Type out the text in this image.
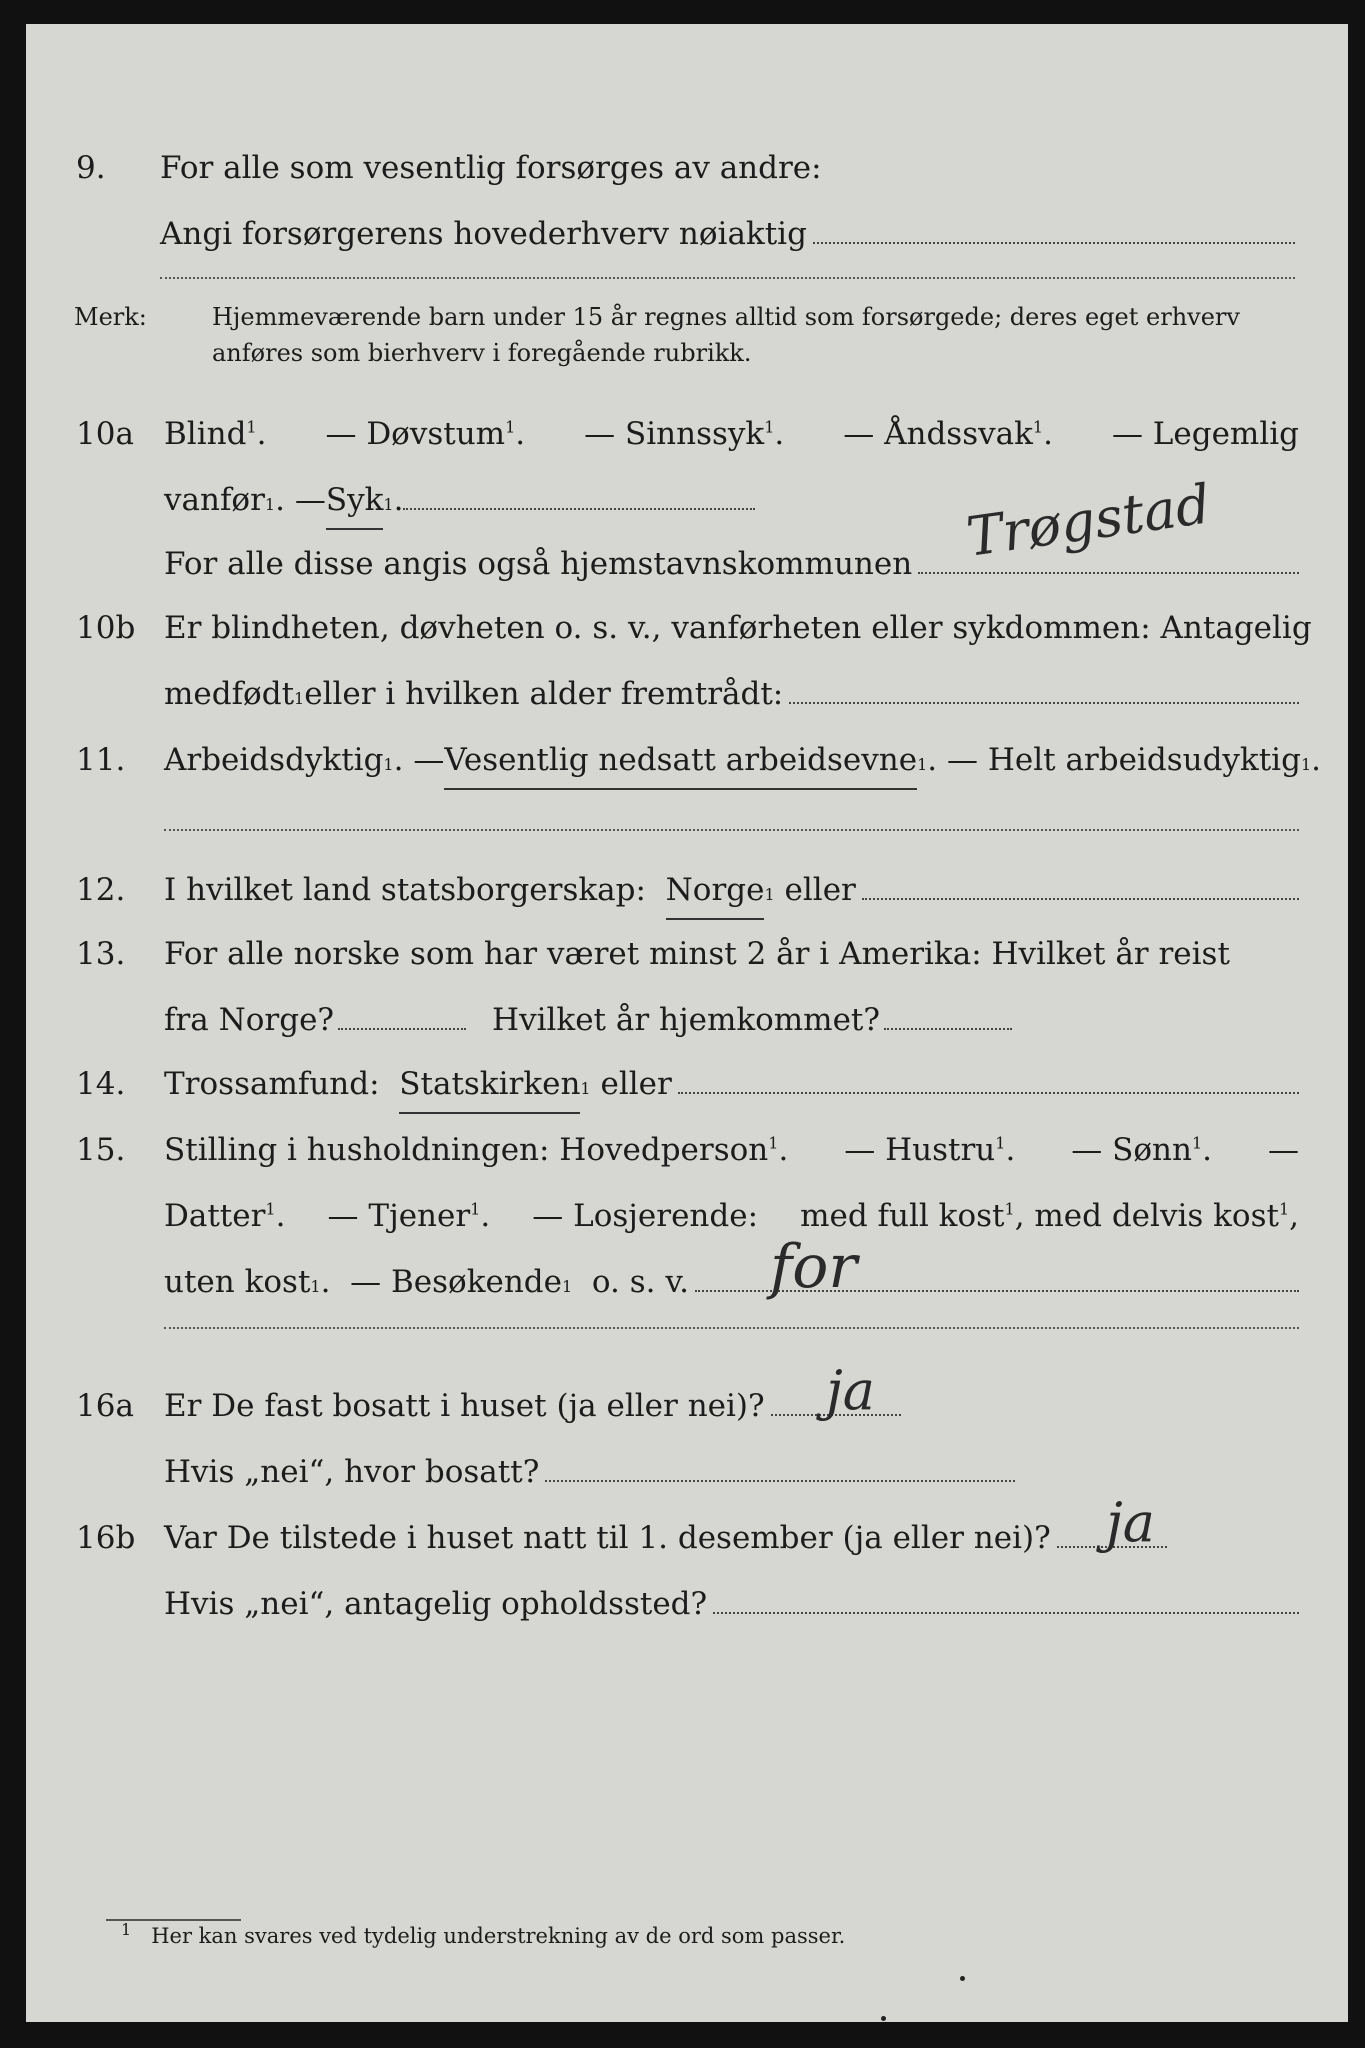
9. For alle som vesentlig forsørges av andre:
Angi forsørgerens hovederhverv nøiaktig
Merk:	Hjemmeværende barn under 15 år regnes alltid som forsørgede; deres eget erhverv
anføres som bierhverv i foregående rubrikk.
10a Blind$^1$. — Døvstum$^1$. — Sinnssyk$^1$. — Åndssvak$^1$. — Legemlig
vanfør 1 . — Syk 1 .
For alle disse angis også hjemstavnskommunen Trøgstad
10b Er blindheten, døvheten o. s. v., vanførheten eller sykdommen: Antagelig
medfødt 1 eller i hvilken alder fremtrådt:
11. Arbeidsdyktig 1 . — Vesentlig nedsatt arbeidsevne 1 . — Helt arbeidsudyktig 1 .
12. I hvilket land statsborgerskap:
Norge 1
eller
13. For alle norske som har været minst 2 år i Amerika: Hvilket år reist
fra Norge?	Hvilket år hjemkommet?
14. Trossamfund:
Statskirken 1
eller
15. Stilling i husholdningen: Hovedperson$^1$. — Hustru$^1$. — Sønn$^1$. —
Datter$^1$. — Tjener$^1$. — Losjerende: med full kost$^1$, med delvis kost$^1$,
uten kost 1 . — Besøkende 1
o. s. v. for
16a Er De fast bosatt i huset (ja eller nei)? ja
Hvis „nei“, hvor bosatt?
16b Var De tilstede i huset natt til 1. desember (ja eller nei)? ja
Hvis „nei“, antagelig opholdssted?
$^1$ Her kan svares ved tydelig understrekning av de ord som passer.
